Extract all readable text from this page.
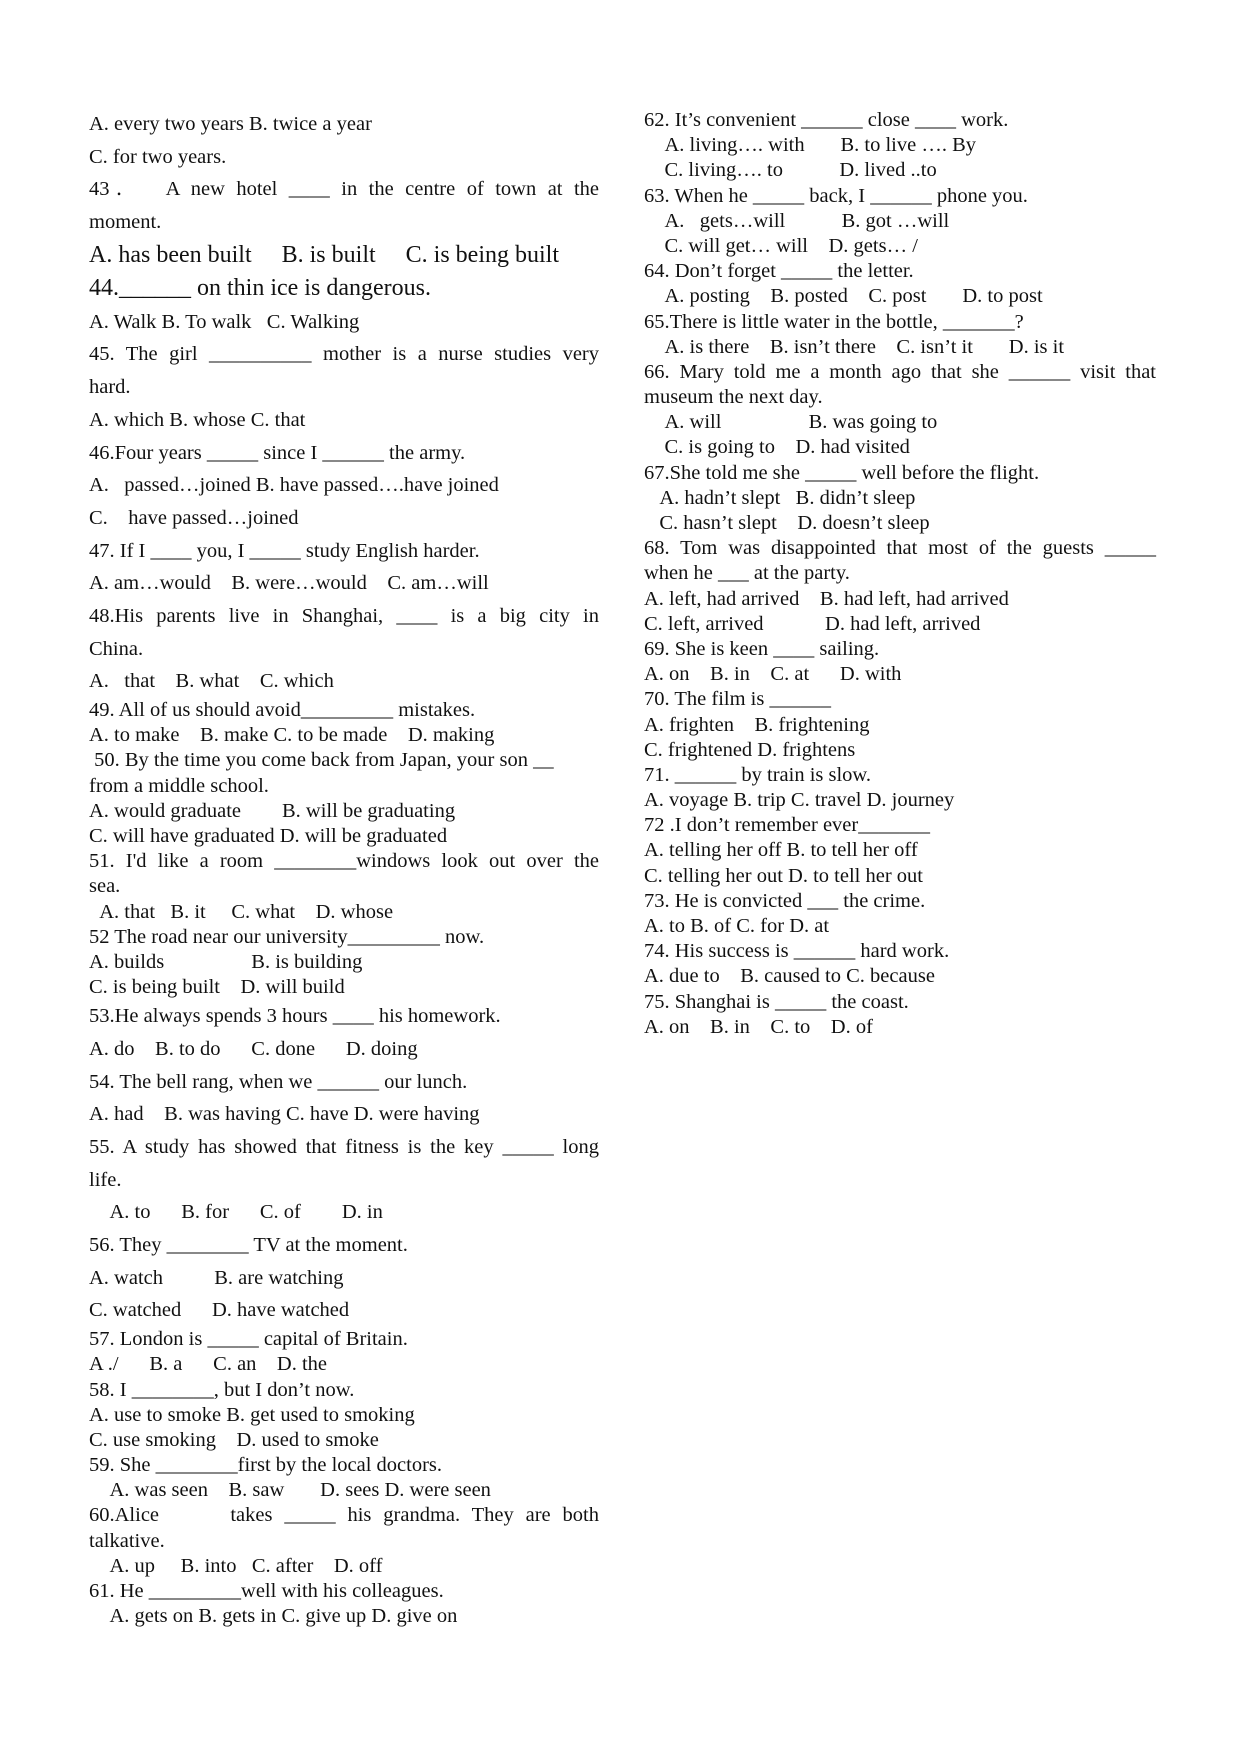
A. every two years B. twice a year

C. for two years.

43．  A new hotel ____ in the centre of town at the

moment.

A. has been built     B. is built     C. is being built

44.______ on thin ice is dangerous.

A. Walk B. To walk   C. Walking

45. The girl __________ mother is a nurse studies very

hard.

A. which B. whose C. that

46.Four years _____ since I ______ the army.

A.   passed…joined B. have passed….have joined

C.    have passed…joined

47. If I ____ you, I _____ study English harder.

A. am…would    B. were…would    C. am…will

48.His parents live in Shanghai, ____ is a big city in

China.

A.   that    B. what    C. which

49. All of us should avoid_________ mistakes.

A. to make    B. make C. to be made    D. making

50. By the time you come back from Japan, your son __

from a middle school.

A. would graduate        B. will be graduating

C. will have graduated D. will be graduated

51. I'd like a room ________windows look out over the

sea.

A. that   B. it     C. what    D. whose

52 The road near our university_________ now.

A. builds                 B. is building

C. is being built    D. will build

53.He always spends 3 hours ____ his homework.

A. do    B. to do      C. done      D. doing

54. The bell rang, when we ______ our lunch.

A. had    B. was having C. have D. were having

55. A study has showed that fitness is the key _____ long

life.

A. to      B. for      C. of        D. in

56. They ________ TV at the moment.

A. watch          B. are watching

C. watched      D. have watched

57. London is _____ capital of Britain.

A ./      B. a      C. an    D. the

58. I ________, but I don’t now.

A. use to smoke B. get used to smoking

C. use smoking    D. used to smoke

59. She ________first by the local doctors.

A. was seen    B. saw       D. sees D. were seen

60.Alice      takes _____ his grandma. They are both

talkative.

A. up     B. into   C. after    D. off

61. He _________well with his colleagues.

A. gets on B. gets in C. give up D. give on

62. It’s convenient ______ close ____ work.

A. living…. with       B. to live …. By

C. living…. to           D. lived ..to

63. When he _____ back, I ______ phone you.

A.   gets…will           B. got …will

C. will get… will    D. gets… /

64. Don’t forget _____ the letter.

A. posting    B. posted    C. post       D. to post

65.There is little water in the bottle, _______?

A. is there    B. isn’t there    C. isn’t it       D. is it

66. Mary told me a month ago that she ______ visit that

museum the next day.

A. will                 B. was going to

C. is going to    D. had visited

67.She told me she _____ well before the flight.

A. hadn’t slept   B. didn’t sleep

C. hasn’t slept    D. doesn’t sleep

68. Tom was disappointed that most of the guests _____

when he ___ at the party.

A. left, had arrived    B. had left, had arrived

C. left, arrived            D. had left, arrived

69. She is keen ____ sailing.

A. on    B. in    C. at      D. with

70. The film is ______

A. frighten    B. frightening

C. frightened D. frightens

71. ______ by train is slow.

A. voyage B. trip C. travel D. journey

72 .I don’t remember ever_______

A. telling her off B. to tell her off

C. telling her out D. to tell her out

73. He is convicted ___ the crime.

A. to B. of C. for D. at

74. His success is ______ hard work.

A. due to    B. caused to C. because

75. Shanghai is _____ the coast.

A. on    B. in    C. to    D. of
